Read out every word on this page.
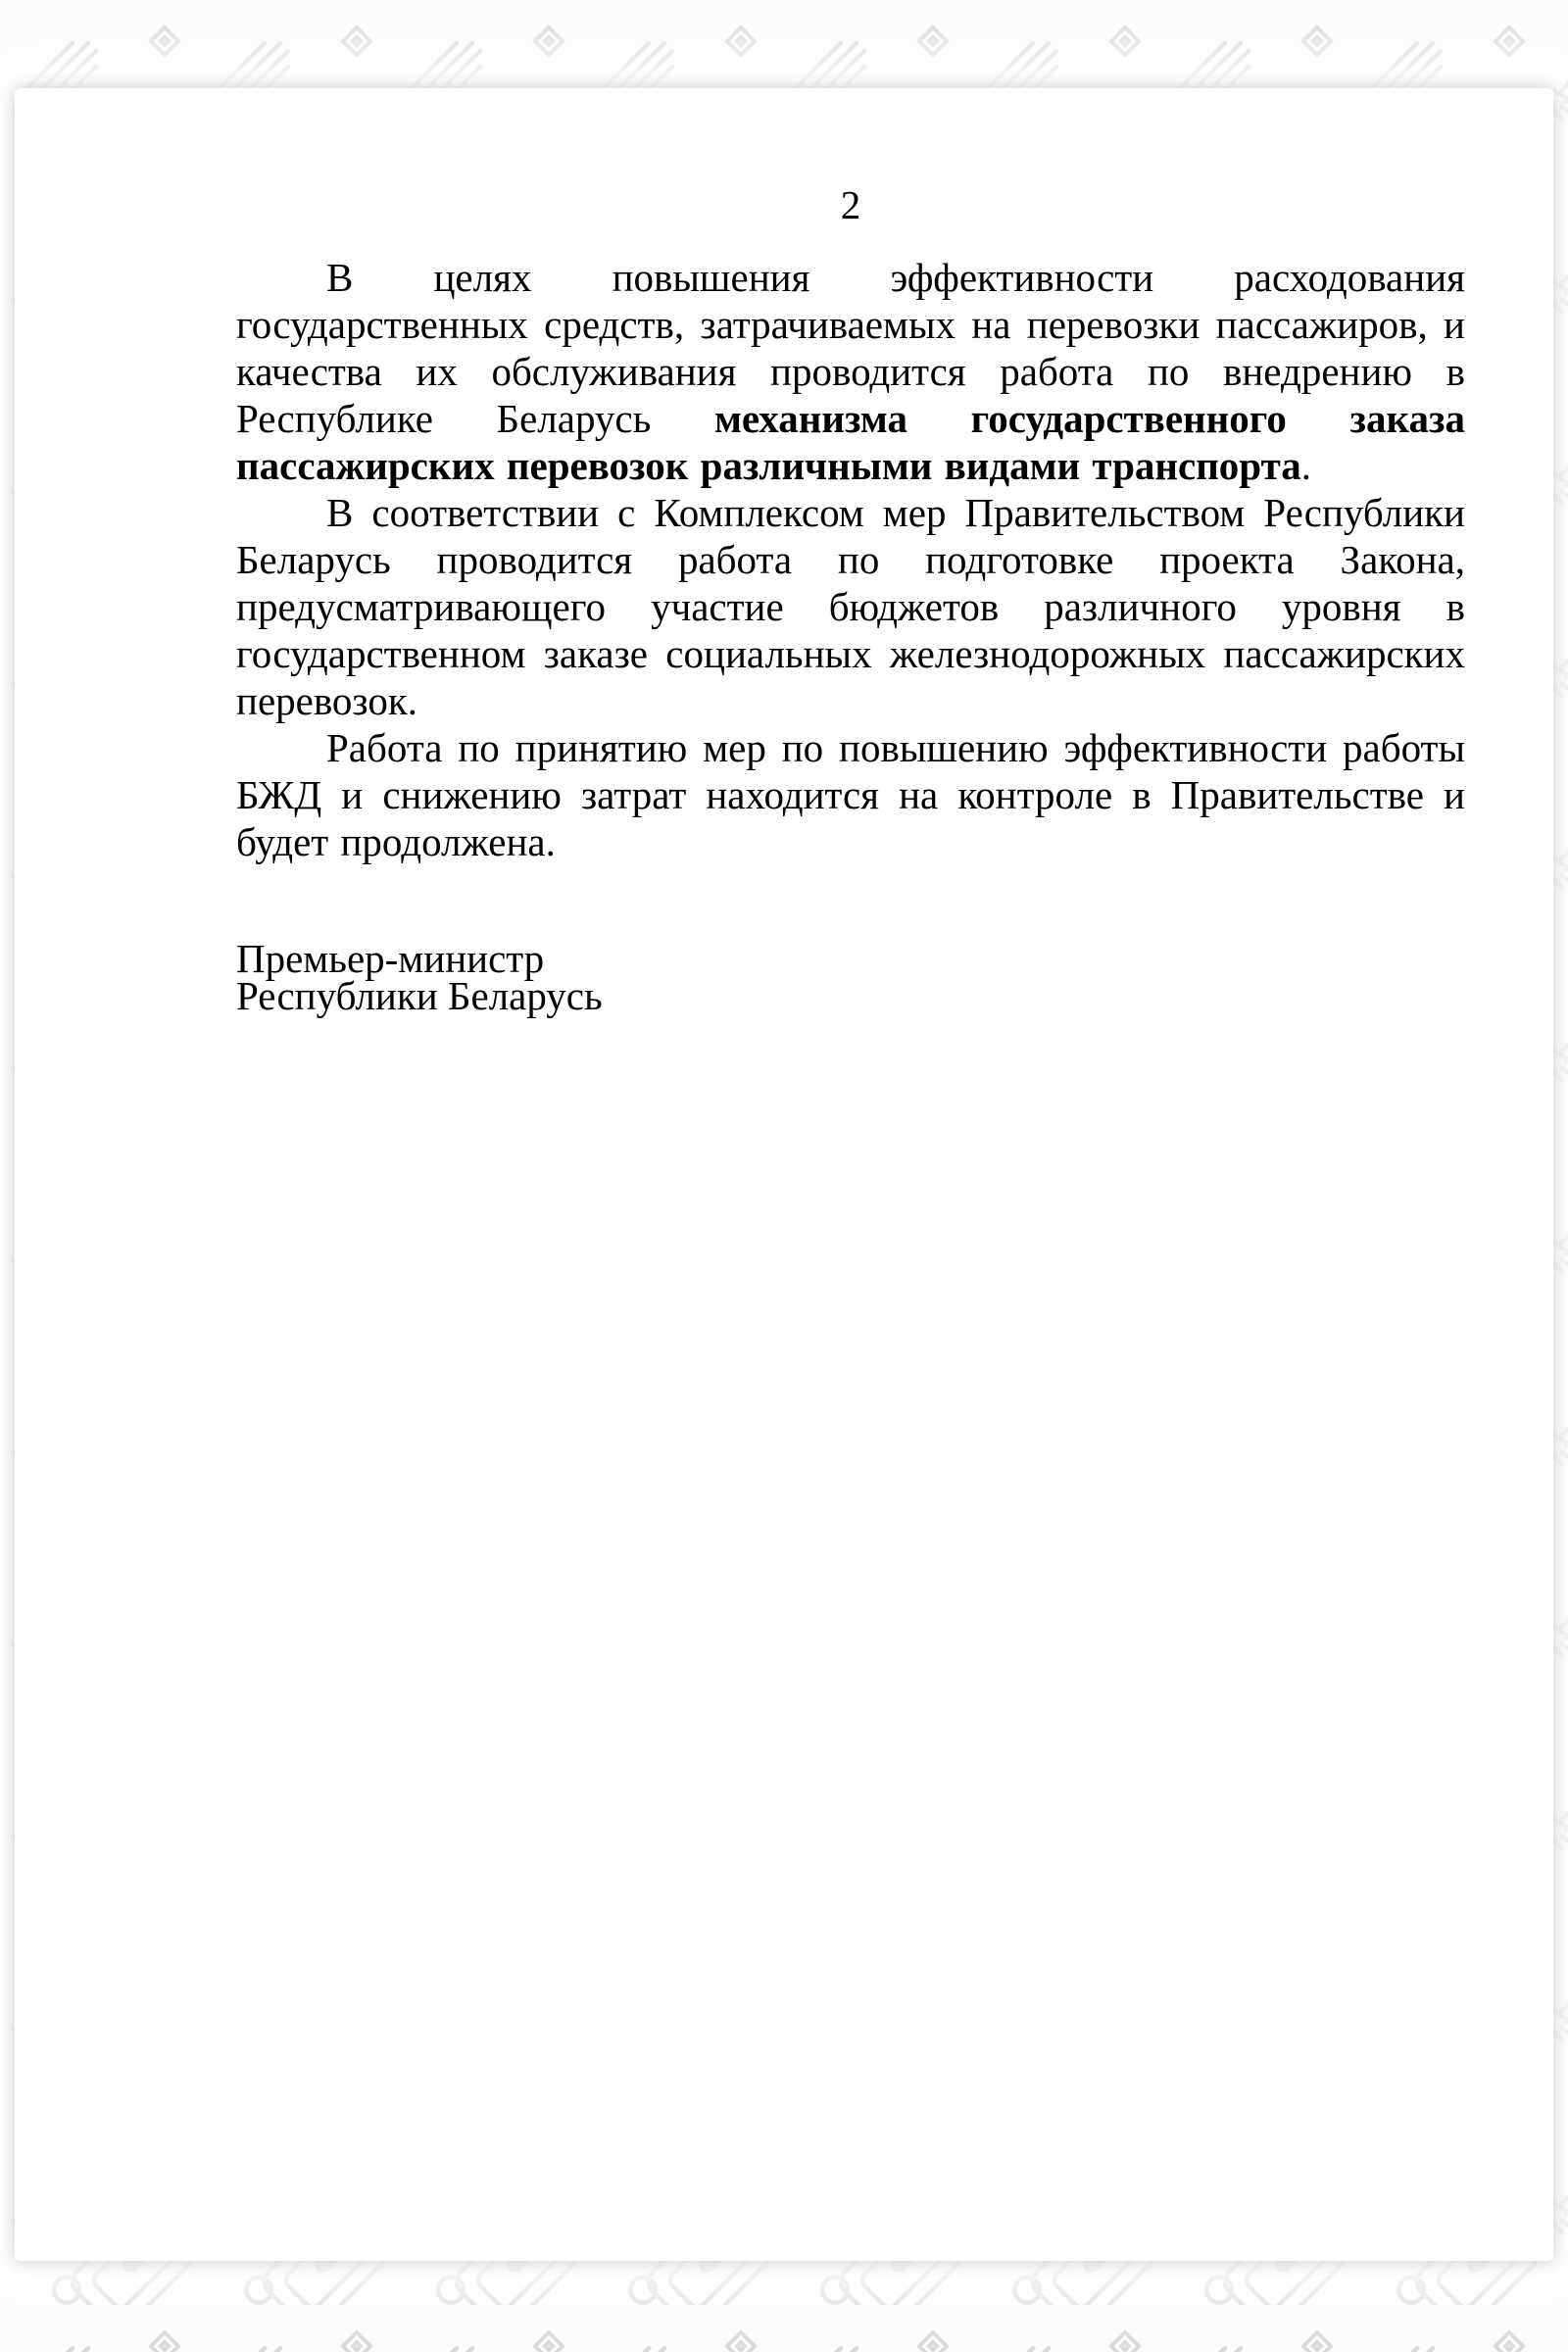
2

В целях повышения эффективности расходования государственных средств, затрачиваемых на перевозки пассажиров, и качества их обслуживания проводится работа по внедрению в Республике Беларусь механизма государственного заказа пассажирских перевозок различными видами транспорта.

В соответствии с Комплексом мер Правительством Республики Беларусь проводится работа по подготовке проекта Закона, предусматривающего участие бюджетов различного уровня в государственном заказе социальных железнодорожных пассажирских перевозок.

Работа по принятию мер по повышению эффективности работы БЖД и снижению затрат находится на контроле в Правительстве и будет продолжена.

Премьер-министр
Республики Беларусь
